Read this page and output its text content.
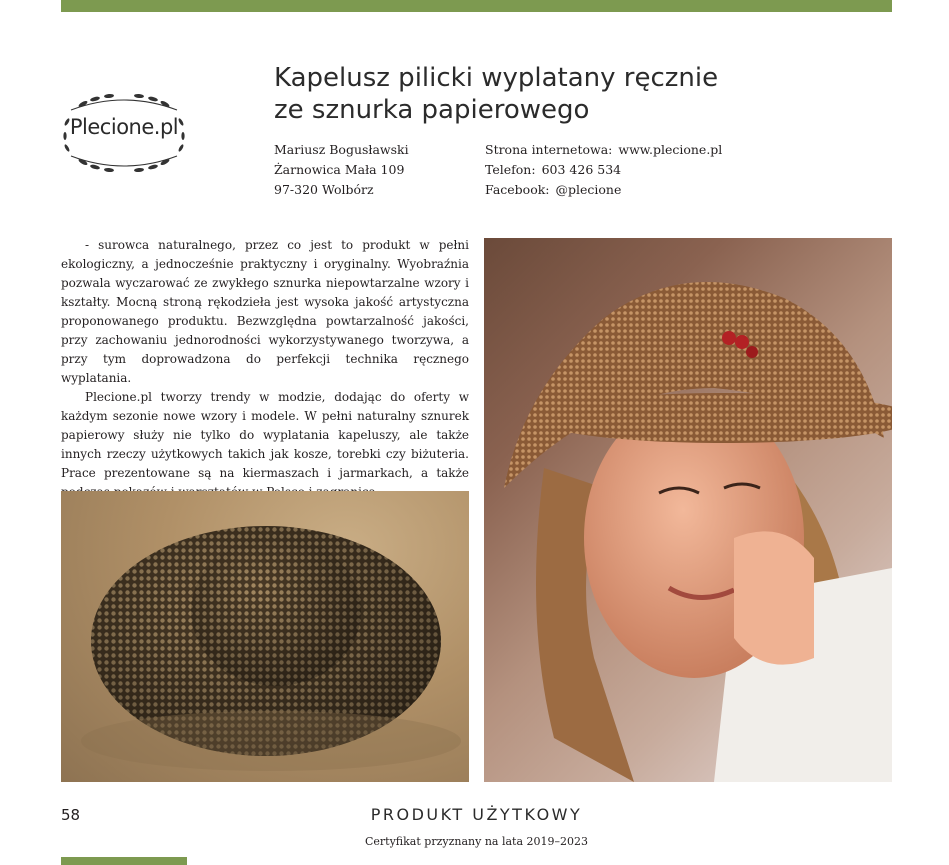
Plecione.pl
Kapelusz pilicki wyplatany ręcznie
ze sznurka papierowego
Mariusz Bogusławski
Żarnowica Mała 109
97-320 Wolbórz
Strona internetowa: www.plecione.pl
Telefon: 603 426 534
Facebook: @plecione

- surowca naturalnego, przez co jest to produkt w pełni ekologiczny, a jednocześnie praktyczny i oryginalny. Wyobraźnia pozwala wyczarować ze zwykłego sznurka niepowtarzalne wzory i kształty. Mocną stroną rękodzieła jest wysoka jakość artystyczna proponowanego produktu. Bezwzględna powtarzalność jakości, przy zachowaniu jednorodności wykorzystywanego tworzywa, a przy tym doprowadzona do perfekcji technika ręcznego wyplatania.

Plecione.pl tworzy trendy w modzie, dodając do oferty w każdym sezonie nowe wzory i modele. W pełni naturalny sznurek papierowy służy nie tylko do wyplatania kapeluszy, ale także innych rzeczy użytkowych takich jak kosze, torebki czy biżuteria. Prace prezentowane są na kiermaszach i jarmarkach, a także

58	PRODUKT UŻYTKOWY
Certyfikat przyznany na lata 2019–2023
